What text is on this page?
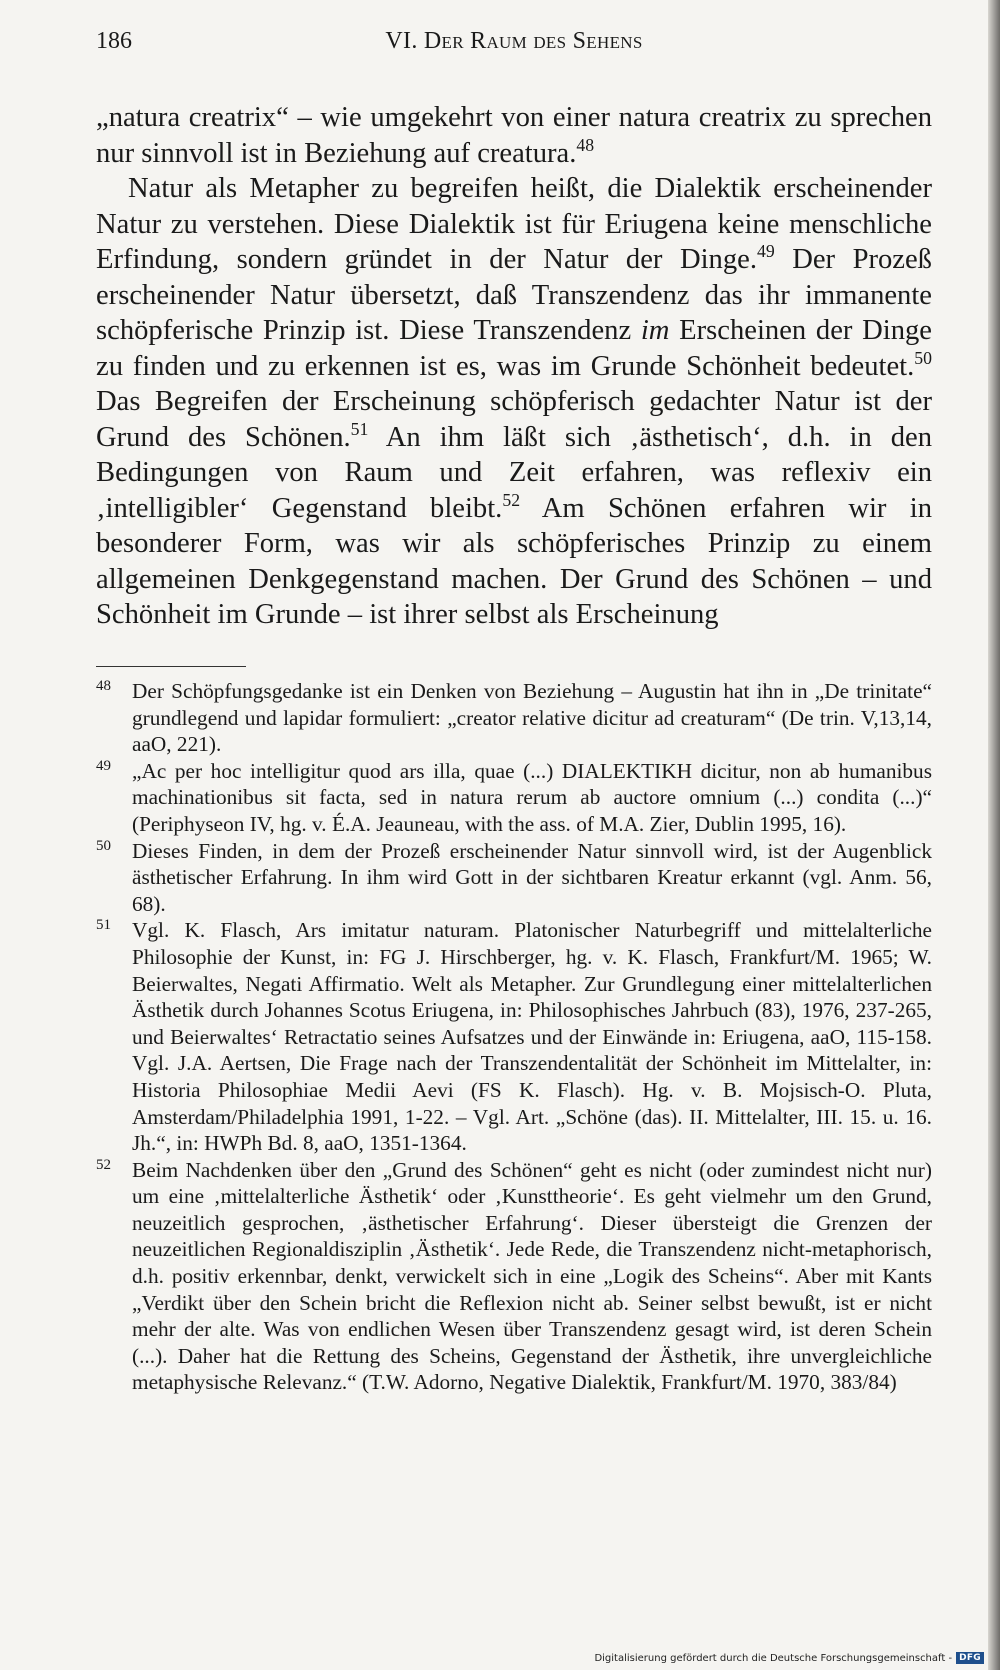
VI. Der Raum des Sehens
186

„natura creatrix“ – wie umgekehrt von einer natura creatrix zu sprechen nur sinnvoll ist in Beziehung auf creatura.$^{48}$

Natur als Metapher zu begreifen heißt, die Dialektik erscheinender Natur zu verstehen. Diese Dialektik ist für Eriugena keine menschliche Erfindung, sondern gründet in der Natur der Dinge.$^{49}$ Der Prozeß erscheinender Natur übersetzt, daß Transzendenz das ihr immanente schöpferische Prinzip ist. Diese Transzendenz im Erscheinen der Dinge zu finden und zu erkennen ist es, was im Grunde Schönheit bedeutet.$^{50}$ Das Begreifen der Erscheinung schöpferisch gedachter Natur ist der Grund des Schönen.$^{51}$ An ihm läßt sich ‚ästhetisch‘, d.h. in den Bedingungen von Raum und Zeit erfahren, was reflexiv ein ‚intelligibler‘ Gegenstand bleibt.$^{52}$ Am Schönen erfahren wir in besonderer Form, was wir als schöpferisches Prinzip zu einem allgemeinen Denkgegenstand machen. Der Grund des Schönen – und Schönheit im Grunde – ist ihrer selbst als Erscheinung

48 Der Schöpfungsgedanke ist ein Denken von Beziehung – Augustin hat ihn in „De trinitate“ grundlegend und lapidar formuliert: „creator relative dicitur ad creaturam“ (De trin. V,13,14, aaO, 221).

49 „Ac per hoc intelligitur quod ars illa, quae (...) DIALEKTIKH dicitur, non ab humanibus machinationibus sit facta, sed in natura rerum ab auctore omnium (...) condita (...)“ (Periphyseon IV, hg. v. É.A. Jeauneau, with the ass. of M.A. Zier, Dublin 1995, 16).

50 Dieses Finden, in dem der Prozeß erscheinender Natur sinnvoll wird, ist der Augenblick ästhetischer Erfahrung. In ihm wird Gott in der sichtbaren Kreatur erkannt (vgl. Anm. 56, 68).

51 Vgl. K. Flasch, Ars imitatur naturam. Platonischer Naturbegriff und mittelalterliche Philosophie der Kunst, in: FG J. Hirschberger, hg. v. K. Flasch, Frankfurt/M. 1965; W. Beierwaltes, Negati Affirmatio. Welt als Metapher. Zur Grundlegung einer mittelalterlichen Ästhetik durch Johannes Scotus Eriugena, in: Philosophisches Jahrbuch (83), 1976, 237-265, und Beierwaltes‘ Retractatio seines Aufsatzes und der Einwände in: Eriugena, aaO, 115-158. Vgl. J.A. Aertsen, Die Frage nach der Transzendentalität der Schönheit im Mittelalter, in: Historia Philosophiae Medii Aevi (FS K. Flasch). Hg. v. B. Mojsisch-O. Pluta, Amsterdam/Philadelphia 1991, 1-22. – Vgl. Art. „Schöne (das). II. Mittelalter, III. 15. u. 16. Jh.“, in: HWPh Bd. 8, aaO, 1351-1364.

52 Beim Nachdenken über den „Grund des Schönen“ geht es nicht (oder zumindest nicht nur) um eine ‚mittelalterliche Ästhetik‘ oder ‚Kunsttheorie‘. Es geht vielmehr um den Grund, neuzeitlich gesprochen, ‚ästhetischer Erfahrung‘. Dieser übersteigt die Grenzen der neuzeitlichen Regionaldisziplin ‚Ästhetik‘. Jede Rede, die Transzendenz nicht-metaphorisch, d.h. positiv erkennbar, denkt, verwickelt sich in eine „Logik des Scheins“. Aber mit Kants „Verdikt über den Schein bricht die Reflexion nicht ab. Seiner selbst bewußt, ist er nicht mehr der alte. Was von endlichen Wesen über Transzendenz gesagt wird, ist deren Schein (...). Daher hat die Rettung des Scheins, Gegenstand der Ästhetik, ihre unvergleichliche metaphysische Relevanz.“ (T.W. Adorno, Negative Dialektik, Frankfurt/M. 1970, 383/84)

Digitalisierung gefördert durch die Deutsche Forschungsgemeinschaft - DFG
